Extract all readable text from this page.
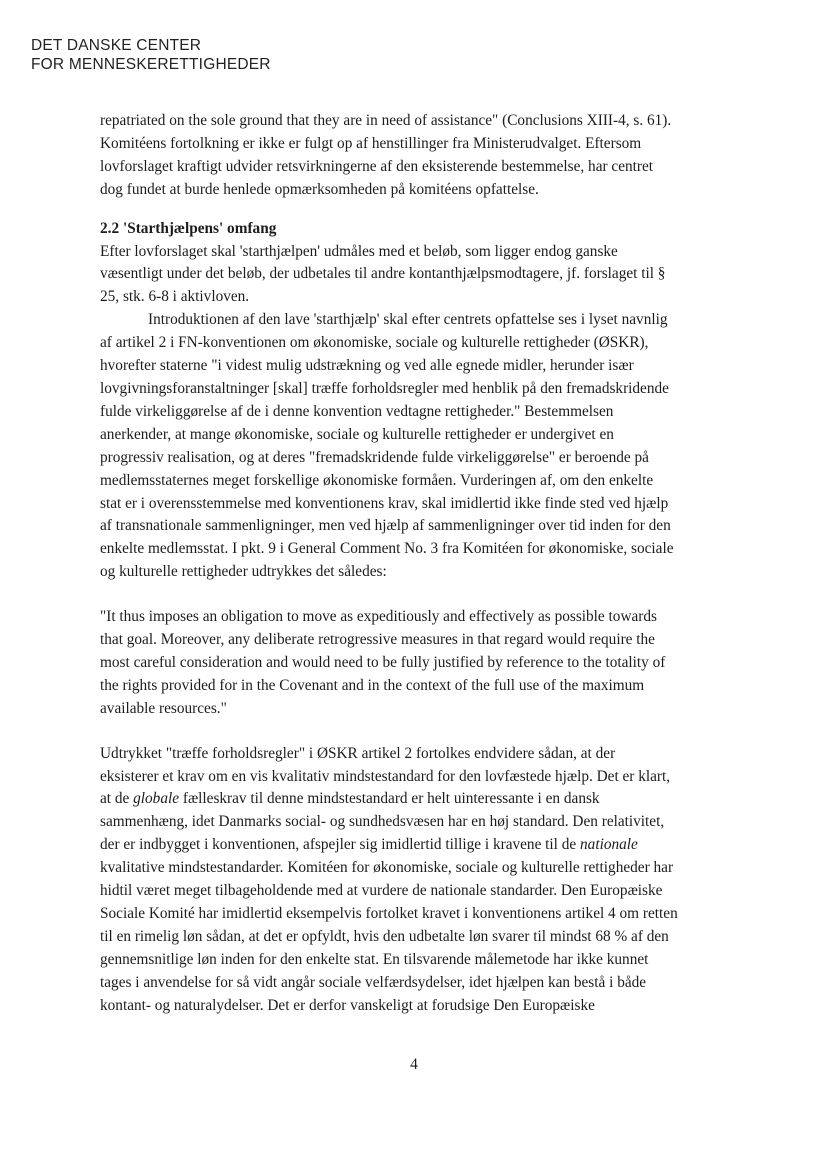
DET DANSKE CENTER
FOR MENNESKERETTIGHEDER

repatriated on the sole ground that they are in need of assistance" (Conclusions XIII-4, s. 61).
Komitéens fortolkning er ikke er fulgt op af henstillinger fra Ministerudvalget. Eftersom
lovforslaget kraftigt udvider retsvirkningerne af den eksisterende bestemmelse, har centret
dog fundet at burde henlede opmærksomheden på komitéens opfattelse.

2.2 'Starthjælpens' omfang

Efter lovforslaget skal 'starthjælpen' udmåles med et beløb, som ligger endog ganske
væsentligt under det beløb, der udbetales til andre kontanthjælpsmodtagere, jf. forslaget til §
25, stk. 6-8 i aktivloven.

Introduktionen af den lave 'starthjælp' skal efter centrets opfattelse ses i lyset navnlig
af artikel 2 i FN-konventionen om økonomiske, sociale og kulturelle rettigheder (ØSKR),
hvorefter staterne "i videst mulig udstrækning og ved alle egnede midler, herunder især
lovgivningsforanstaltninger [skal] træffe forholdsregler med henblik på den fremadskridende
fulde virkeliggørelse af de i denne konvention vedtagne rettigheder." Bestemmelsen
anerkender, at mange økonomiske, sociale og kulturelle rettigheder er undergivet en
progressiv realisation, og at deres "fremadskridende fulde virkeliggørelse" er beroende på
medlemsstaternes meget forskellige økonomiske formåen. Vurderingen af, om den enkelte
stat er i overensstemmelse med konventionens krav, skal imidlertid ikke finde sted ved hjælp
af transnationale sammenligninger, men ved hjælp af sammenligninger over tid inden for den
enkelte medlemsstat. I pkt. 9 i General Comment No. 3 fra Komitéen for økonomiske, sociale
og kulturelle rettigheder udtrykkes det således:

"It thus imposes an obligation to move as expeditiously and effectively as possible towards
that goal. Moreover, any deliberate retrogressive measures in that regard would require the
most careful consideration and would need to be fully justified by reference to the totality of
the rights provided for in the Covenant and in the context of the full use of the maximum
available resources."

Udtrykket "træffe forholdsregler" i ØSKR artikel 2 fortolkes endvidere sådan, at der
eksisterer et krav om en vis kvalitativ mindstestandard for den lovfæstede hjælp. Det er klart,
at de globale fælleskrav til denne mindstestandard er helt uinteressante i en dansk
sammenhæng, idet Danmarks social- og sundhedsvæsen har en høj standard. Den relativitet,
der er indbygget i konventionen, afspejler sig imidlertid tillige i kravene til de nationale
kvalitative mindstestandarder. Komitéen for økonomiske, sociale og kulturelle rettigheder har
hidtil været meget tilbageholdende med at vurdere de nationale standarder. Den Europæiske
Sociale Komité har imidlertid eksempelvis fortolket kravet i konventionens artikel 4 om retten
til en rimelig løn sådan, at det er opfyldt, hvis den udbetalte løn svarer til mindst 68 % af den
gennemsnitlige løn inden for den enkelte stat. En tilsvarende målemetode har ikke kunnet
tages i anvendelse for så vidt angår sociale velfærdsydelser, idet hjælpen kan bestå i både
kontant- og naturalydelser. Det er derfor vanskeligt at forudsige Den Europæiske

4
